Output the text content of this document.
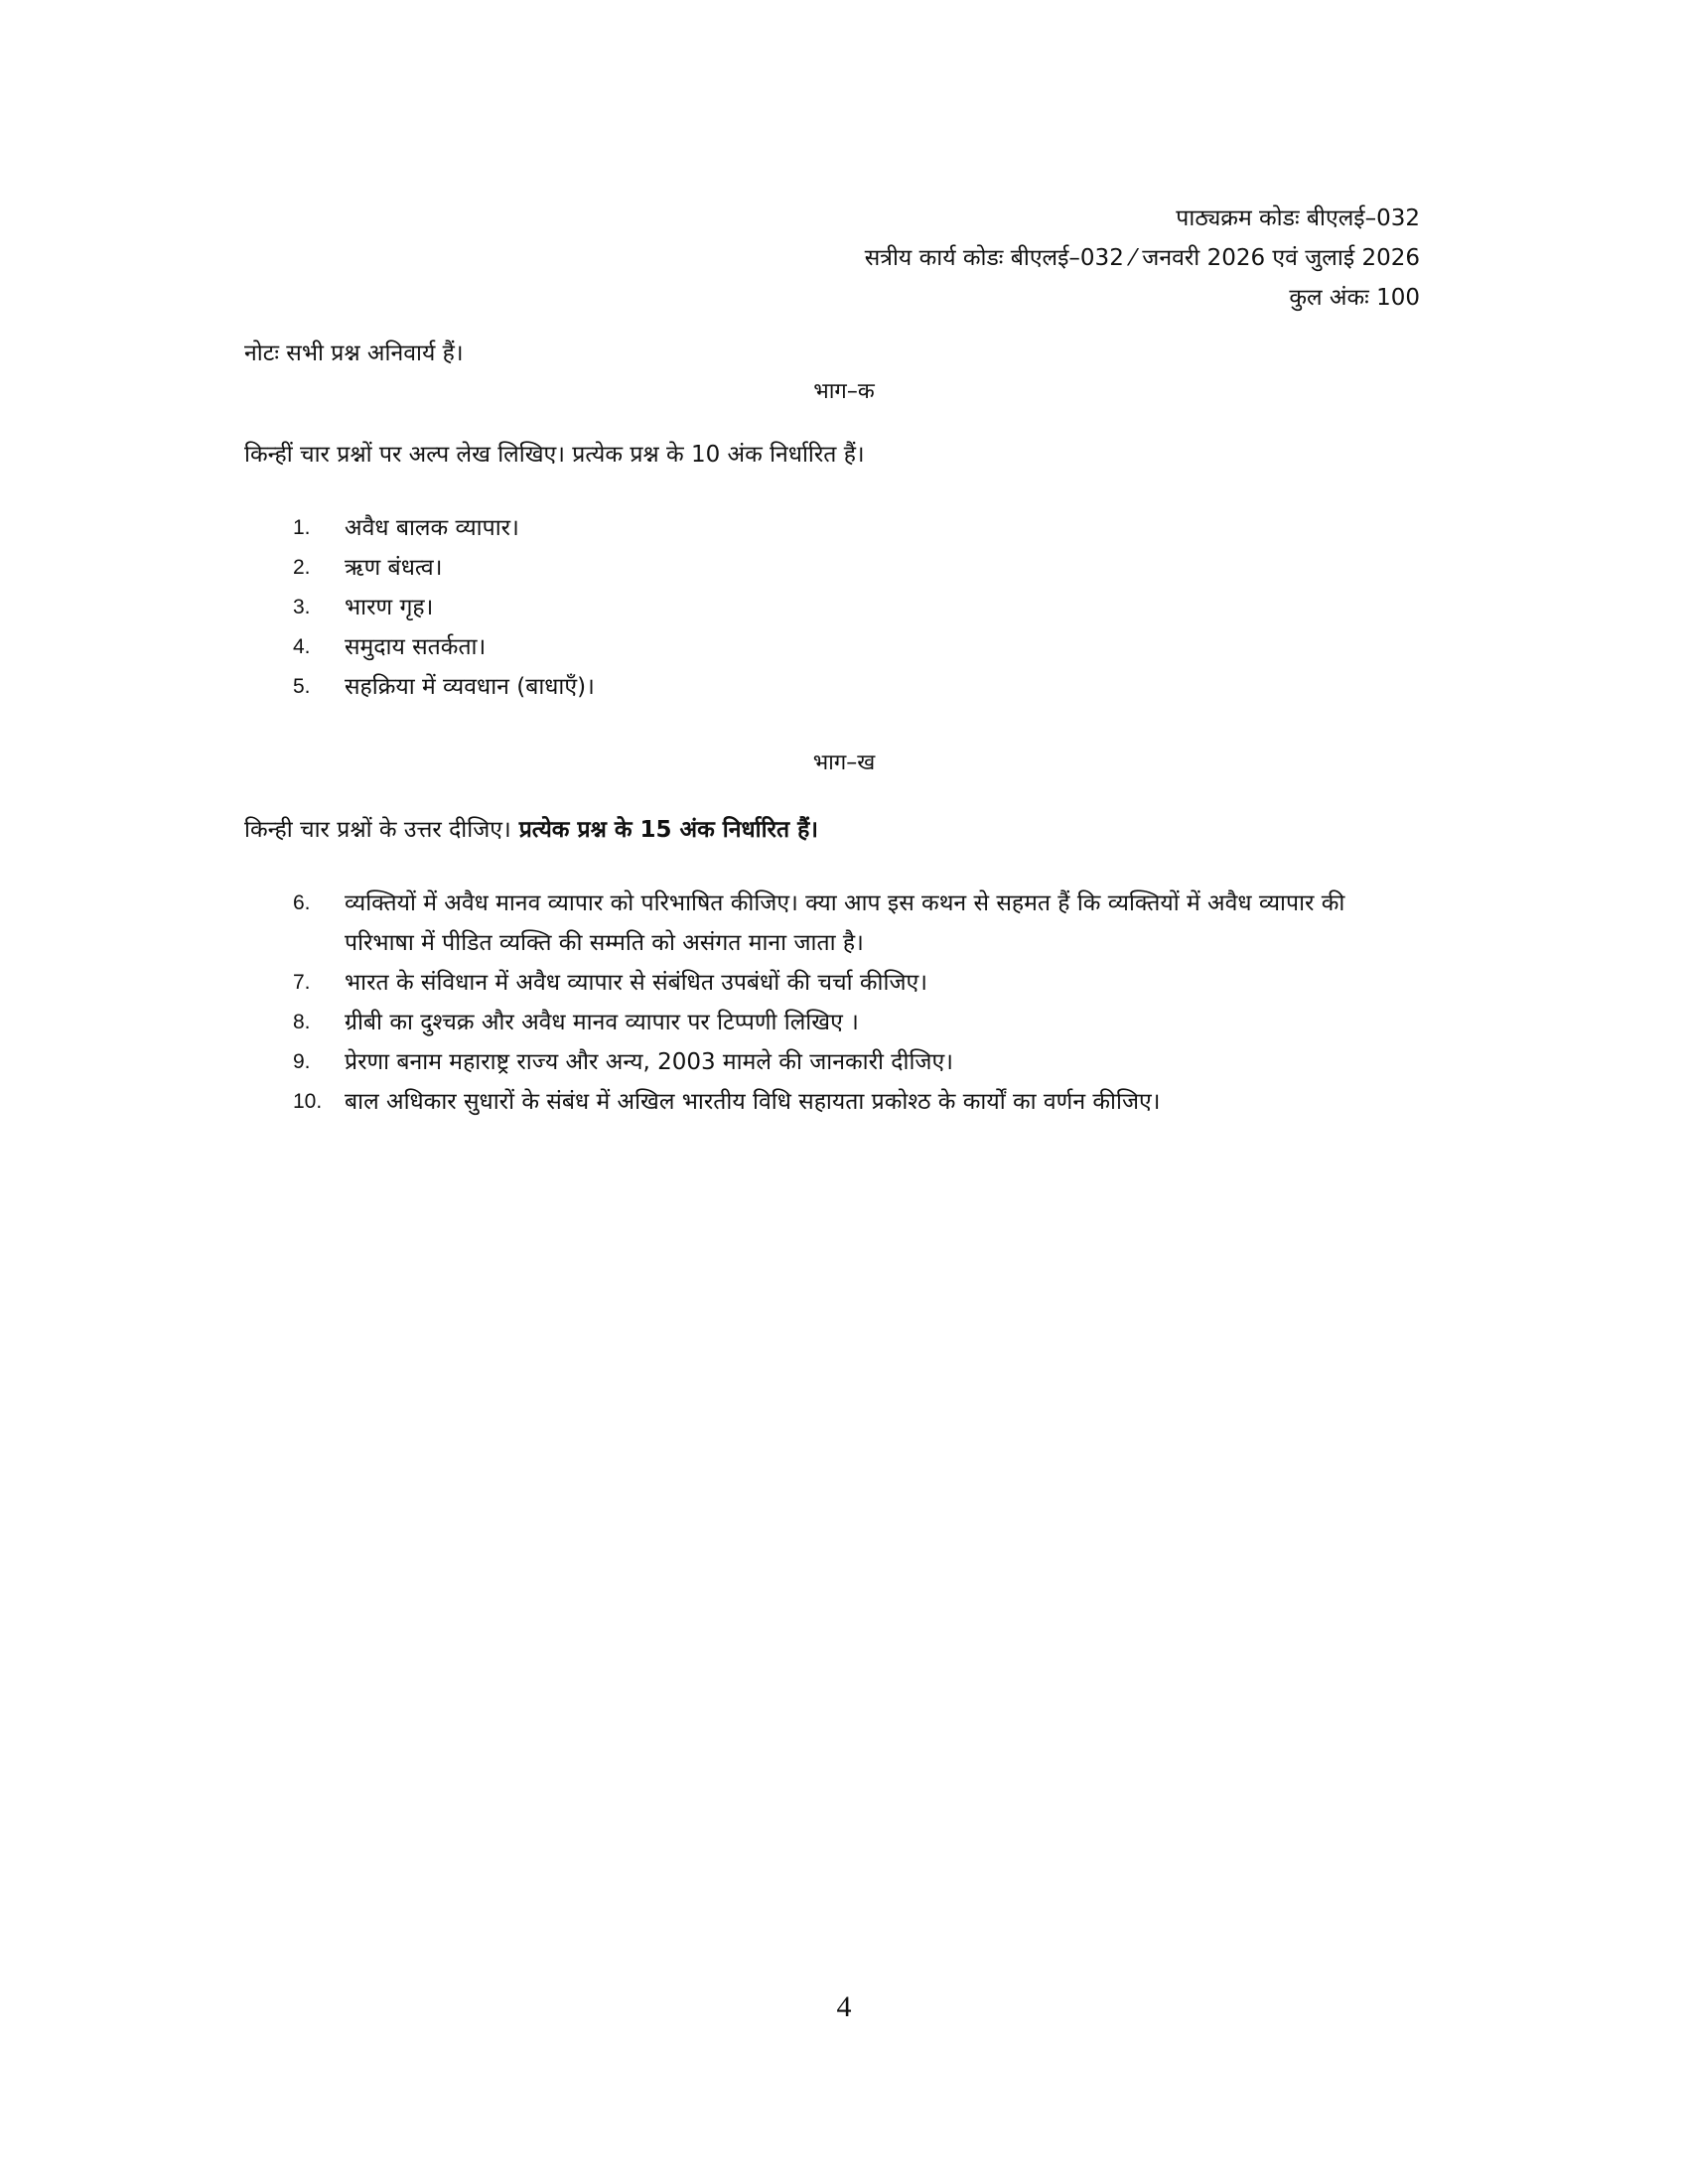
पाठ्यक्रम कोडः बीएलई–032
सत्रीय कार्य कोडः बीएलई–032 ⁄ जनवरी 2026 एवं जुलाई 2026
कुल अंकः 100
नोटः सभी प्रश्न अनिवार्य हैं।
भाग–क
किन्हीं चार प्रश्नों पर अल्प लेख लिखिए। प्रत्येक प्रश्न के 10 अंक निर्धारित हैं।
1.	अवैध बालक व्यापार।
2.	ऋण बंधत्व।
3.	भारण गृह।
4.	समुदाय सतर्कता।
5.	सहक्रिया में व्यवधान (बाधाएँ)।
भाग–ख
किन्ही चार प्रश्नों के उत्तर दीजिए। प्रत्येक प्रश्न के 15 अंक निर्धारित हैं।
6.	व्यक्तियों में अवैध मानव व्यापार को परिभाषित कीजिए। क्या आप इस कथन से सहमत हैं कि व्यक्तियों में अवैध व्यापार की परिभाषा में पीडित व्यक्ति की सम्मति को असंगत माना जाता है।
7.	भारत के संविधान में अवैध व्यापार से संबंधित उपबंधों की चर्चा कीजिए।
8.	ग्रीबी का दुश्चक्र और अवैध मानव व्यापार पर टिप्पणी लिखिए ।
9.	प्रेरणा बनाम महाराष्ट्र राज्य और अन्य, 2003 मामले की जानकारी दीजिए।
10. बाल अधिकार सुधारों के संबंध में अखिल भारतीय विधि सहायता प्रकोश्ठ के कार्यों का वर्णन कीजिए।
4
